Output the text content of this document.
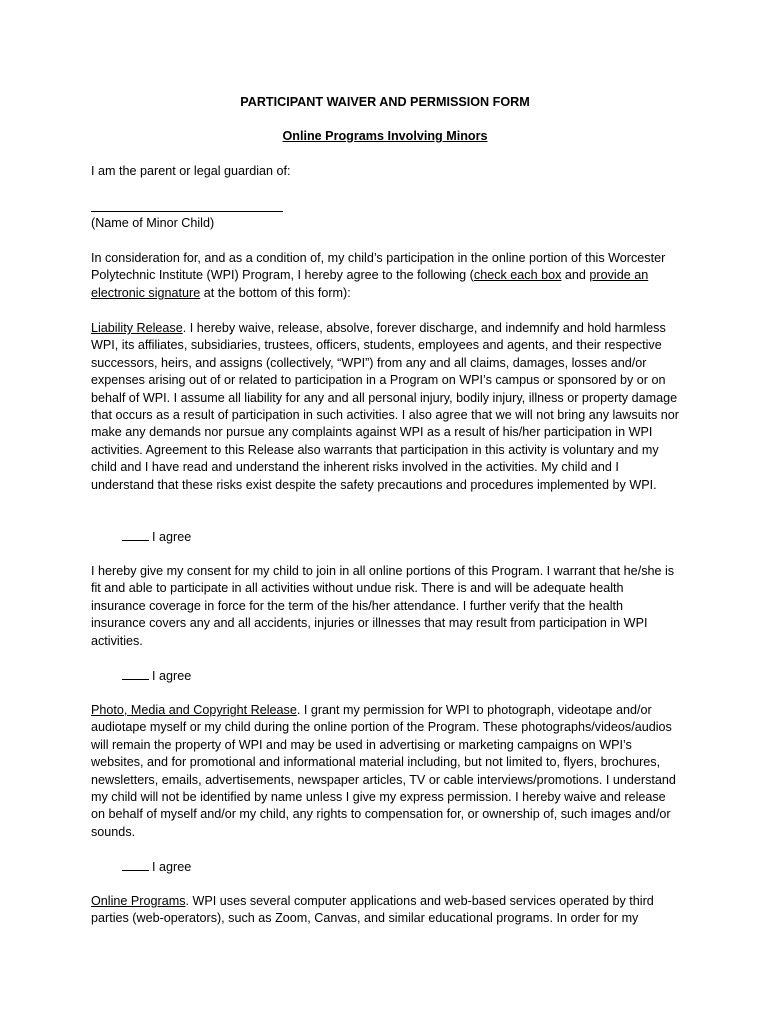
PARTICIPANT WAIVER AND PERMISSION FORM
Online Programs Involving Minors
I am the parent or legal guardian of:
(Name of Minor Child)
In consideration for, and as a condition of, my child’s participation in the online portion of this Worcester Polytechnic Institute (WPI) Program, I hereby agree to the following (check each box and provide an electronic signature at the bottom of this form):
Liability Release. I hereby waive, release, absolve, forever discharge, and indemnify and hold harmless WPI, its affiliates, subsidiaries, trustees, officers, students, employees and agents, and their respective successors, heirs, and assigns (collectively, “WPI”) from any and all claims, damages, losses and/or expenses arising out of or related to participation in a Program on WPI’s campus or sponsored by or on behalf of WPI. I assume all liability for any and all personal injury, bodily injury, illness or property damage that occurs as a result of participation in such activities. I also agree that we will not bring any lawsuits nor make any demands nor pursue any complaints against WPI as a result of his/her participation in WPI activities. Agreement to this Release also warrants that participation in this activity is voluntary and my child and I have read and understand the inherent risks involved in the activities. My child and I understand that these risks exist despite the safety precautions and procedures implemented by WPI.
I agree
I hereby give my consent for my child to join in all online portions of this Program. I warrant that he/she is fit and able to participate in all activities without undue risk. There is and will be adequate health insurance coverage in force for the term of the his/her attendance. I further verify that the health insurance covers any and all accidents, injuries or illnesses that may result from participation in WPI activities.
I agree
Photo, Media and Copyright Release. I grant my permission for WPI to photograph, videotape and/or audiotape myself or my child during the online portion of the Program. These photographs/videos/audios will remain the property of WPI and may be used in advertising or marketing campaigns on WPI’s websites, and for promotional and informational material including, but not limited to, flyers, brochures, newsletters, emails, advertisements, newspaper articles, TV or cable interviews/promotions. I understand my child will not be identified by name unless I give my express permission. I hereby waive and release on behalf of myself and/or my child, any rights to compensation for, or ownership of, such images and/or sounds.
I agree
Online Programs. WPI uses several computer applications and web-based services operated by third parties (web-operators), such as Zoom, Canvas, and similar educational programs. In order for my
